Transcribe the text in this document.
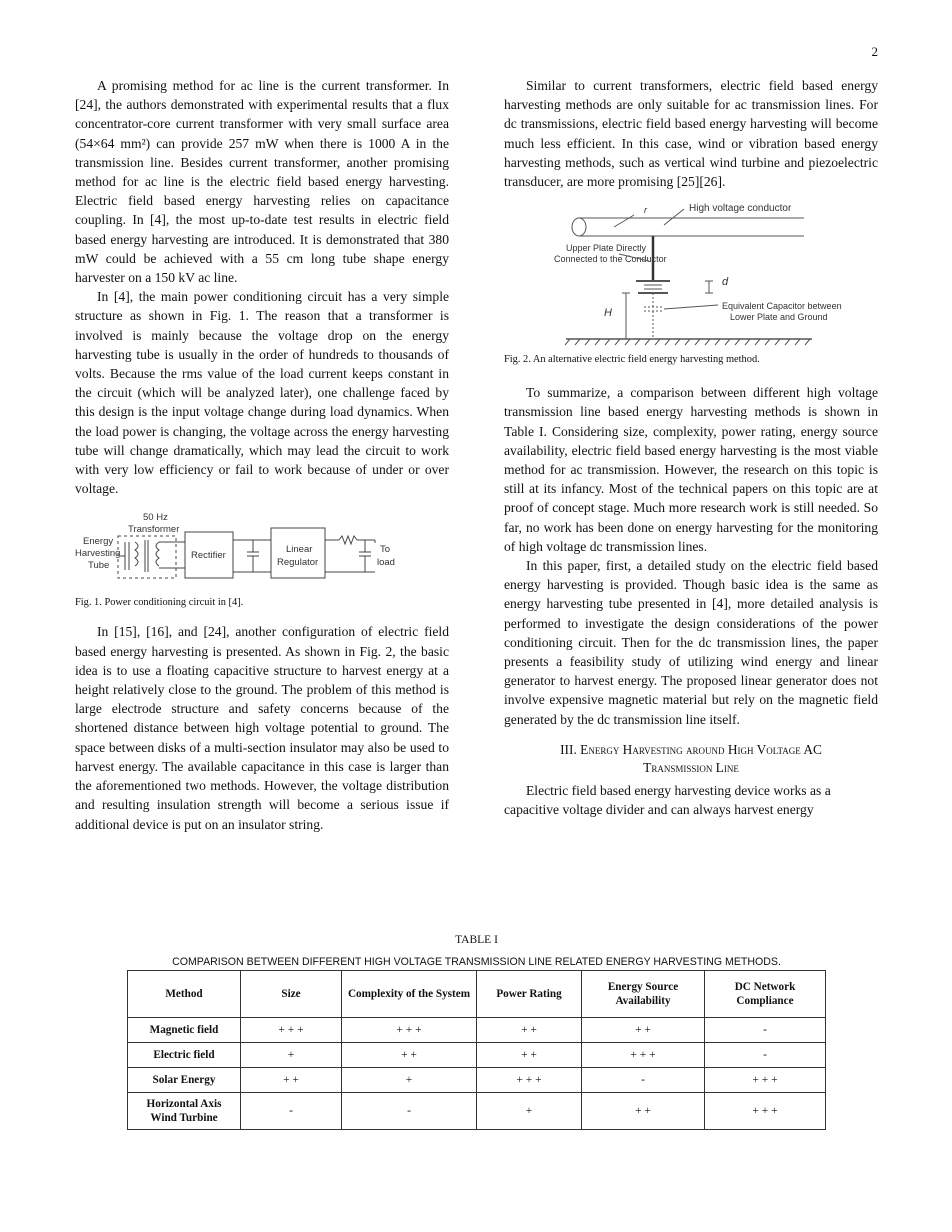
2

A promising method for ac line is the current transformer. In [24], the authors demonstrated with experimental results that a flux concentrator-core current transformer with very small surface area (54×64 mm²) can provide 257 mW when there is 1000 A in the transmission line. Besides current transformer, another promising method for ac line is the electric field based energy harvesting. Electric field based energy harvesting relies on capacitance coupling. In [4], the most up-to-date test results in electric field based energy harvesting are introduced. It is demonstrated that 380 mW could be achieved with a 55 cm long tube shape energy harvester on a 150 kV ac line.

In [4], the main power conditioning circuit has a very simple structure as shown in Fig. 1. The reason that a transformer is involved is mainly because the voltage drop on the energy harvesting tube is usually in the order of hundreds to thousands of volts. Because the rms value of the load current keeps constant in the circuit (which will be analyzed later), one challenge faced by this design is the input voltage change during load dynamics. When the load power is changing, the voltage across the energy harvesting tube will change dramatically, which may lead the circuit to work with very low efficiency or fail to work because of under or over voltage.

50 Hz
Transformer
Energy
Harvesting
Tube
Rectifier
Linear
Regulator
To
load

Fig. 1. Power conditioning circuit in [4].

In [15], [16], and [24], another configuration of electric field based energy harvesting is presented. As shown in Fig. 2, the basic idea is to use a floating capacitive structure to harvest energy at a height relatively close to the ground. The problem of this method is large electrode structure and safety concerns because of the shortened distance between high voltage potential to ground. The space between disks of a multi-section insulator may also be used to harvest energy. The available capacitance in this case is larger than the aforementioned two methods. However, the voltage distribution and resulting insulation strength will become a serious issue if additional device is put on an insulator string.

Similar to current transformers, electric field based energy harvesting methods are only suitable for ac transmission lines. For dc transmissions, electric field based energy harvesting will become much less efficient. In this case, wind or vibration based energy harvesting methods, such as vertical wind turbine and piezoelectric transducer, are more promising [25][26].

r	High voltage conductor
Upper Plate Directly
Connected to the Conductor
d
Equivalent Capacitor between
Lower Plate and Ground
H

Fig. 2. An alternative electric field energy harvesting method.

To summarize, a comparison between different high voltage transmission line based energy harvesting methods is shown in Table I. Considering size, complexity, power rating, energy source availability, electric field based energy harvesting is the most viable method for ac transmission. However, the research on this topic is still at its infancy. Most of the technical papers on this topic are at proof of concept stage. Much more research work is still needed. So far, no work has been done on energy harvesting for the monitoring of high voltage dc transmission lines.

In this paper, first, a detailed study on the electric field based energy harvesting is provided. Though basic idea is the same as energy harvesting tube presented in [4], more detailed analysis is performed to investigate the design considerations of the power conditioning circuit. Then for the dc transmission lines, the paper presents a feasibility study of utilizing wind energy and linear generator to harvest energy. The proposed linear generator does not involve expensive magnetic material but rely on the magnetic field generated by the dc transmission line itself.

III. Energy Harvesting around High Voltage AC
Transmission Line

Electric field based energy harvesting device works as a capacitive voltage divider and can always harvest energy

TABLE I

COMPARISON BETWEEN DIFFERENT HIGH VOLTAGE TRANSMISSION LINE RELATED ENERGY HARVESTING METHODS.

Method	Size	Complexity of the System	Power Rating	Energy Source Availability	DC Network Compliance
Magnetic field	+ + +	+ + +	+ +	+ +	-
Electric field	+	+ +	+ +	+ + +	-
Solar Energy	+ +	+	+ + +	-	+ + +
Horizontal Axis Wind Turbine	-	-	+	+ +	+ + +
